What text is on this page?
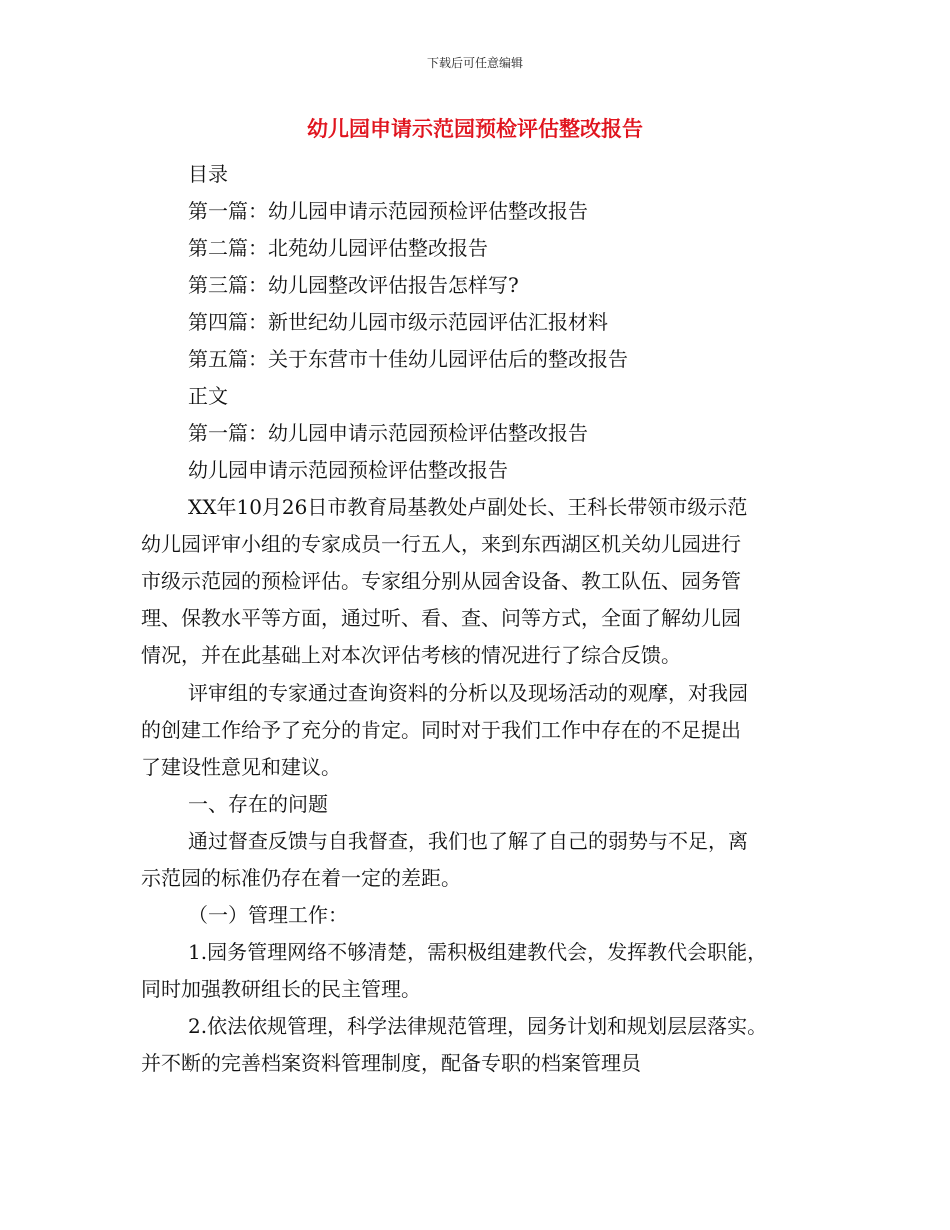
下载后可任意编辑
幼儿园申请示范园预检评估整改报告
目录
第一篇：幼儿园申请示范园预检评估整改报告
第二篇：北苑幼儿园评估整改报告
第三篇：幼儿园整改评估报告怎样写?
第四篇：新世纪幼儿园市级示范园评估汇报材料
第五篇：关于东营市十佳幼儿园评估后的整改报告
正文
第一篇：幼儿园申请示范园预检评估整改报告
幼儿园申请示范园预检评估整改报告
XX年10月26日市教育局基教处卢副处长、王科长带领市级示范
幼儿园评审小组的专家成员一行五人，来到东西湖区机关幼儿园进行
市级示范园的预检评估。专家组分别从园舍设备、教工队伍、园务管
理、保教水平等方面，通过听、看、查、问等方式，全面了解幼儿园
情况，并在此基础上对本次评估考核的情况进行了综合反馈。
评审组的专家通过查询资料的分析以及现场活动的观摩，对我园
的创建工作给予了充分的肯定。同时对于我们工作中存在的不足提出
了建设性意见和建议。
一、存在的问题
通过督查反馈与自我督查，我们也了解了自己的弱势与不足，离
示范园的标准仍存在着一定的差距。
（一）管理工作：
1.园务管理网络不够清楚，需积极组建教代会，发挥教代会职能，
同时加强教研组长的民主管理。
2.依法依规管理，科学法律规范管理，园务计划和规划层层落实。
并不断的完善档案资料管理制度，配备专职的档案管理员
